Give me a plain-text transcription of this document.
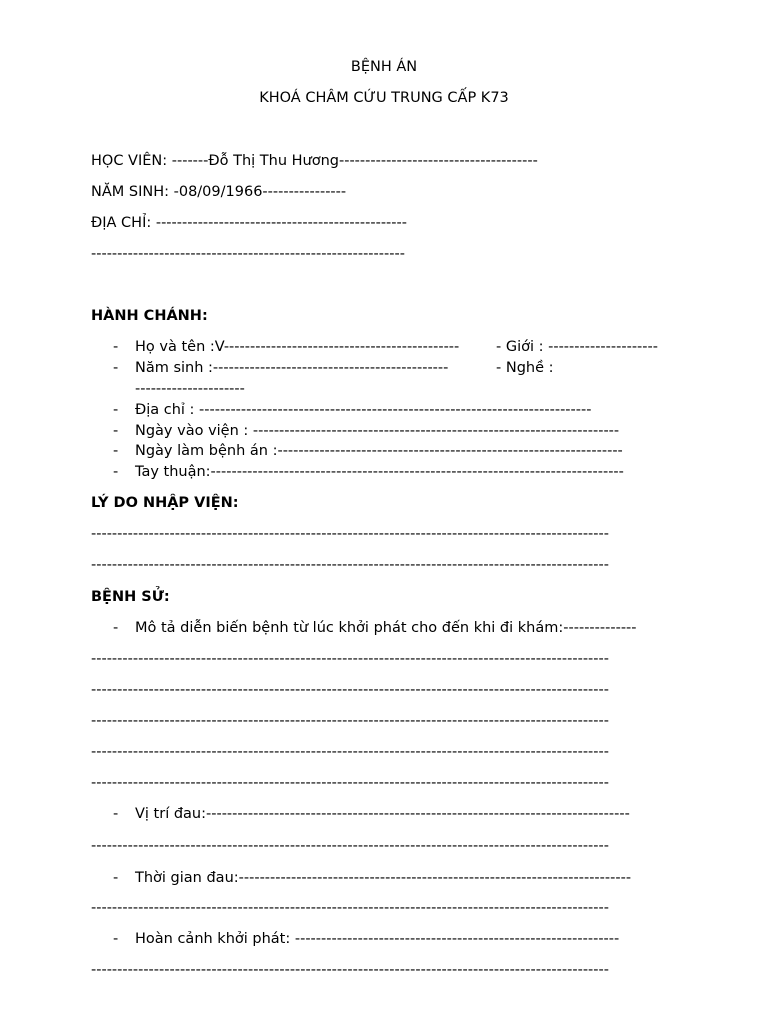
BỆNH ÁN
KHOÁ CHÂM CỨU TRUNG CẤP K73
HỌC VIÊN: -------Đỗ Thị Thu Hương--------------------------------------
NĂM SINH: -08/09/1966----------------
ĐỊA CHỈ: ------------------------------------------------
------------------------------------------------------------
HÀNH CHÁNH:
- Họ và tên :V---------------------------------------------	- Giới : ---------------------
- Năm sinh :---------------------------------------------	- Nghề :
---------------------
- Địa chỉ : ---------------------------------------------------------------------------
- Ngày vào viện : ----------------------------------------------------------------------
- Ngày làm bệnh án :------------------------------------------------------------------
- Tay thuận:-------------------------------------------------------------------------------
LÝ DO NHẬP VIỆN:
---------------------------------------------------------------------------------------------------
---------------------------------------------------------------------------------------------------
BỆNH SỬ:
- Mô tả diễn biến bệnh từ lúc khởi phát cho đến khi đi khám:--------------
---------------------------------------------------------------------------------------------------
---------------------------------------------------------------------------------------------------
---------------------------------------------------------------------------------------------------
---------------------------------------------------------------------------------------------------
---------------------------------------------------------------------------------------------------
- Vị trí đau:---------------------------------------------------------------------------------
---------------------------------------------------------------------------------------------------
- Thời gian đau:---------------------------------------------------------------------------
---------------------------------------------------------------------------------------------------
- Hoàn cảnh khởi phát: --------------------------------------------------------------
---------------------------------------------------------------------------------------------------
